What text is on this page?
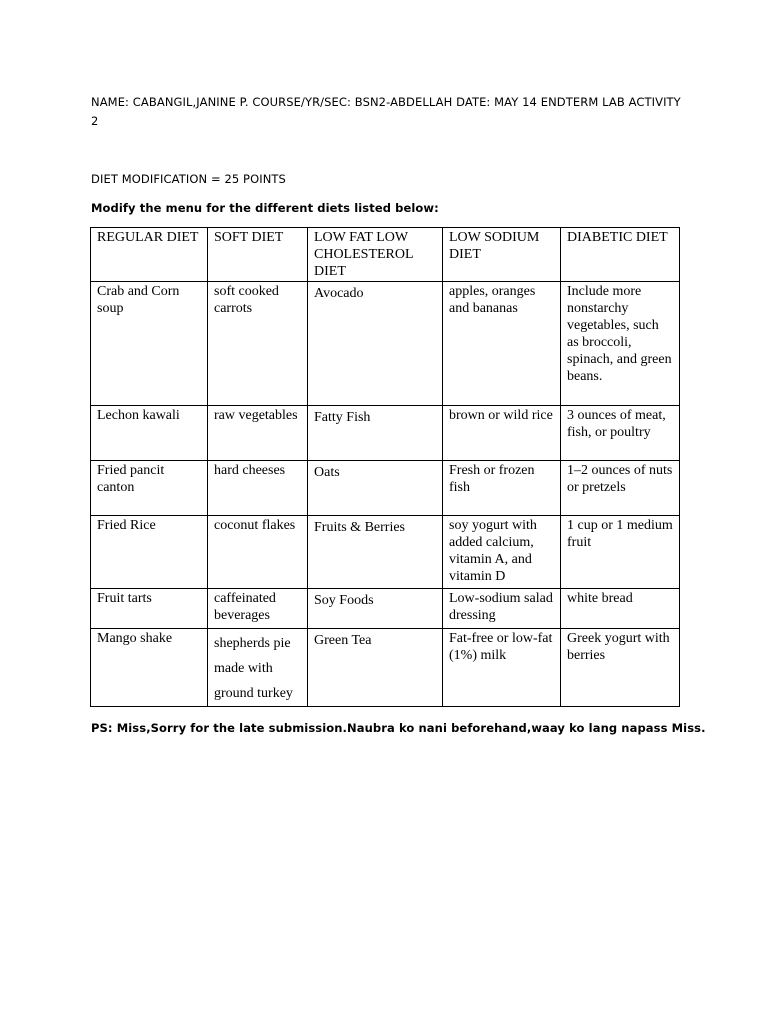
NAME: CABANGIL,JANINE P. COURSE/YR/SEC: BSN2-ABDELLAH DATE: MAY 14 ENDTERM LAB ACTIVITY 2
DIET MODIFICATION = 25 POINTS
Modify the menu for the different diets listed below:
REGULAR DIET	SOFT DIET	LOW FAT LOW CHOLESTEROL DIET	LOW SODIUM DIET	DIABETIC DIET
Crab and Corn soup	soft cooked carrots	Avocado	apples, oranges and bananas	Include more nonstarchy vegetables, such as broccoli, spinach, and green beans.
Lechon kawali	raw vegetables	Fatty Fish	brown or wild rice	3 ounces of meat, fish, or poultry
Fried pancit canton	hard cheeses	Oats	Fresh or frozen fish	1–2 ounces of nuts or pretzels
Fried Rice	coconut flakes	Fruits & Berries	soy yogurt with added calcium, vitamin A, and vitamin D	1 cup or 1 medium fruit
Fruit tarts	caffeinated beverages	Soy Foods	Low-sodium salad dressing	white bread
Mango shake	shepherds pie made with ground turkey	Green Tea	Fat-free or low-fat (1%) milk	Greek yogurt with berries
PS: Miss,Sorry for the late submission.Naubra ko nani beforehand,waay ko lang napass Miss.
